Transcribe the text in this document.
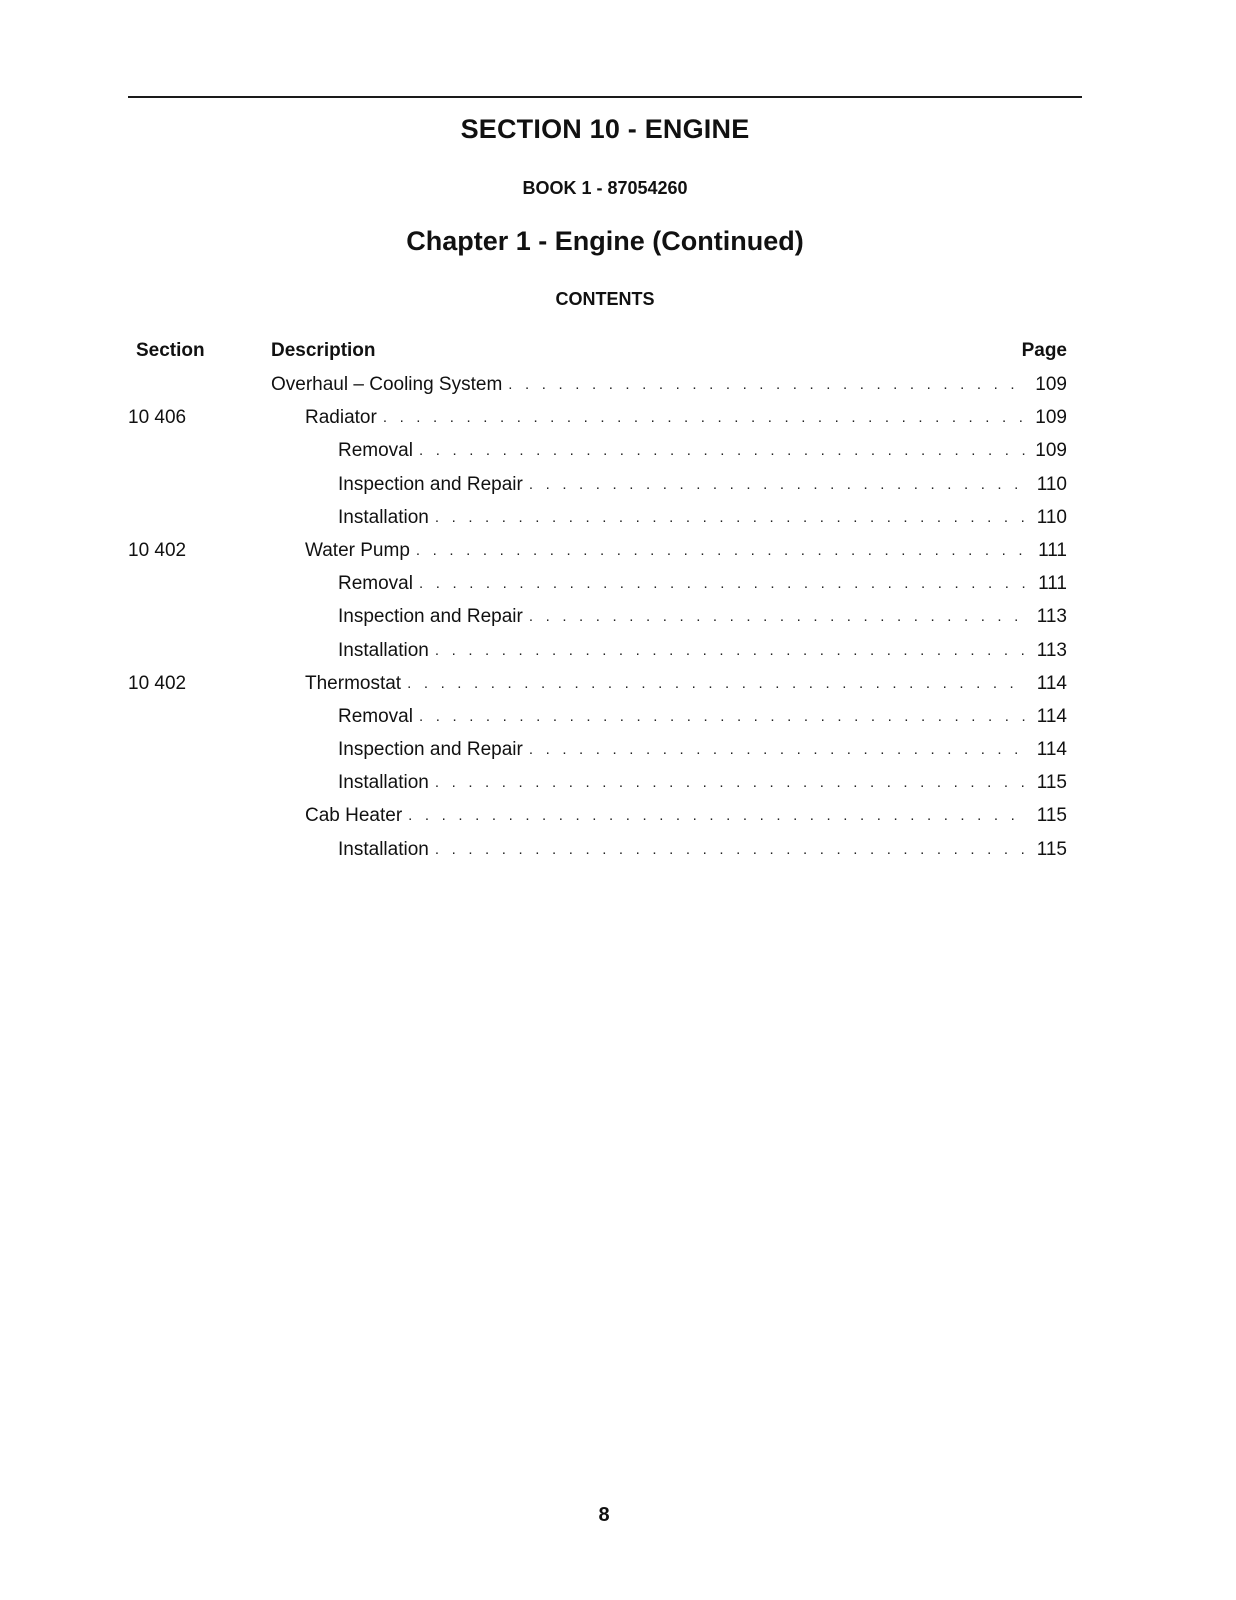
SECTION 10 - ENGINE
BOOK 1 - 87054260
Chapter 1 - Engine (Continued)
CONTENTS
Section	Description	Page
Overhaul – Cooling System . . .	109
10 406	Radiator . . .	109
Removal . . .	109
Inspection and Repair . . .	110
Installation . . .	110
10 402	Water Pump . . .	111
Removal . . .	111
Inspection and Repair . . .	113
Installation . . .	113
10 402	Thermostat . . .	114
Removal . . .	114
Inspection and Repair . . .	114
Installation . . .	115
Cab Heater . . .	115
Installation . . .	115
8
